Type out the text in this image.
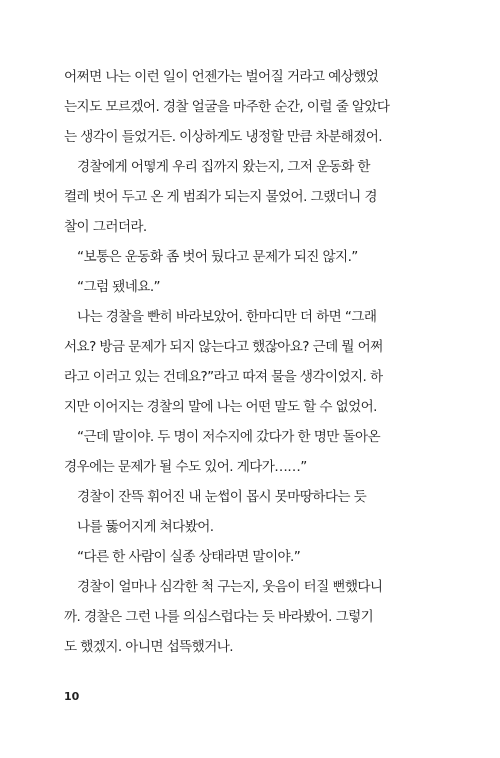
어쩌면 나는 이런 일이 언젠가는 벌어질 거라고 예상했었
는지도 모르겠어. 경찰 얼굴을 마주한 순간, 이럴 줄 알았다
는 생각이 들었거든. 이상하게도 냉정할 만큼 차분해졌어.
경찰에게 어떻게 우리 집까지 왔는지, 그저 운동화 한
켤레 벗어 두고 온 게 범죄가 되는지 물었어. 그랬더니 경
찰이 그러더라.
“보통은 운동화 좀 벗어 뒀다고 문제가 되진 않지.”
“그럼 됐네요.”
나는 경찰을 빤히 바라보았어. 한마디만 더 하면 “그래
서요? 방금 문제가 되지 않는다고 했잖아요? 근데 뭘 어쩌
라고 이러고 있는 건데요?”라고 따져 물을 생각이었지. 하
지만 이어지는 경찰의 말에 나는 어떤 말도 할 수 없었어.
“근데 말이야. 두 명이 저수지에 갔다가 한 명만 돌아온
경우에는 문제가 될 수도 있어. 게다가……”
경찰이 잔뜩 휘어진 내 눈썹이 몹시 못마땅하다는 듯
나를 뚫어지게 쳐다봤어.
“다른 한 사람이 실종 상태라면 말이야.”
경찰이 얼마나 심각한 척 구는지, 웃음이 터질 뻔했다니
까. 경찰은 그런 나를 의심스럽다는 듯 바라봤어. 그렇기
도 했겠지. 아니면 섭뜩했거나.
10
